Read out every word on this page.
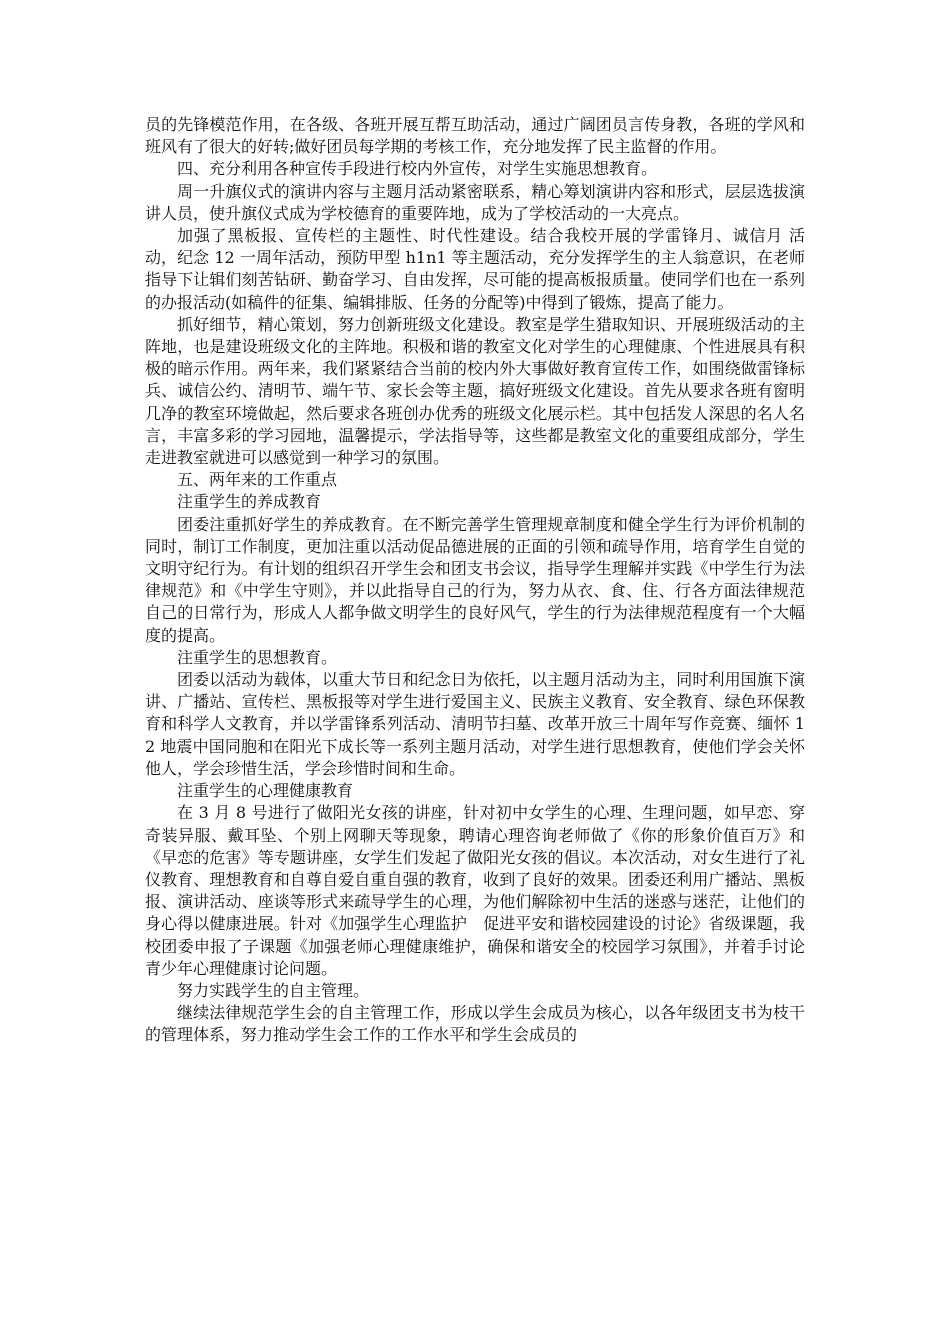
员的先锋模范作用，在各级、各班开展互帮互助活动，通过广阔团员言传身教，各班的学风和班风有了很大的好转;做好团员每学期的考核工作，充分地发挥了民主监督的作用。

四、充分利用各种宣传手段进行校内外宣传，对学生实施思想教育。

周一升旗仪式的演讲内容与主题月活动紧密联系，精心筹划演讲内容和形式，层层选拔演讲人员，使升旗仪式成为学校德育的重要阵地，成为了学校活动的一大亮点。

加强了黑板报、宣传栏的主题性、时代性建设。结合我校开展的学雷锋月、诚信月 活动，纪念 12 一周年活动，预防甲型 h1n1 等主题活动，充分发挥学生的主人翁意识，在老师指导下让辑们刻苦钻研、勤奋学习、自由发挥，尽可能的提高板报质量。使同学们也在一系列的办报活动(如稿件的征集、编辑排版、任务的分配等)中得到了锻炼，提高了能力。

抓好细节，精心策划，努力创新班级文化建设。教室是学生猎取知识、开展班级活动的主阵地，也是建设班级文化的主阵地。积极和谐的教室文化对学生的心理健康、个性进展具有积极的暗示作用。两年来，我们紧紧结合当前的校内外大事做好教育宣传工作，如围绕做雷锋标兵、诚信公约、清明节、端午节、家长会等主题，搞好班级文化建设。首先从要求各班有窗明几净的教室环境做起，然后要求各班创办优秀的班级文化展示栏。其中包括发人深思的名人名言，丰富多彩的学习园地，温馨提示，学法指导等，这些都是教室文化的重要组成部分，学生走进教室就进可以感觉到一种学习的氛围。

五、两年来的工作重点

注重学生的养成教育

团委注重抓好学生的养成教育。在不断完善学生管理规章制度和健全学生行为评价机制的同时，制订工作制度，更加注重以活动促品德进展的正面的引领和疏导作用，培育学生自觉的文明守纪行为。有计划的组织召开学生会和团支书会议，指导学生理解并实践《中学生行为法律规范》和《中学生守则》，并以此指导自己的行为，努力从衣、食、住、行各方面法律规范自己的日常行为，形成人人都争做文明学生的良好风气，学生的行为法律规范程度有一个大幅度的提高。

注重学生的思想教育。

团委以活动为载体，以重大节日和纪念日为依托，以主题月活动为主，同时利用国旗下演讲、广播站、宣传栏、黑板报等对学生进行爱国主义、民族主义教育、安全教育、绿色环保教育和科学人文教育，并以学雷锋系列活动、清明节扫墓、改革开放三十周年写作竞赛、缅怀 12 地震中国同胞和在阳光下成长等一系列主题月活动，对学生进行思想教育，使他们学会关怀他人，学会珍惜生活，学会珍惜时间和生命。

注重学生的心理健康教育

在 3 月 8 号进行了做阳光女孩的讲座，针对初中女学生的心理、生理问题，如早恋、穿奇装异服、戴耳坠、个别上网聊天等现象，聘请心理咨询老师做了《你的形象价值百万》和《早恋的危害》等专题讲座，女学生们发起了做阳光女孩的倡议。本次活动，对女生进行了礼仪教育、理想教育和自尊自爱自重自强的教育，收到了良好的效果。团委还利用广播站、黑板报、演讲活动、座谈等形式来疏导学生的心理，为他们解除初中生活的迷惑与迷茫，让他们的身心得以健康进展。针对《加强学生心理监护　促进平安和谐校园建设的讨论》省级课题，我校团委申报了子课题《加强老师心理健康维护，确保和谐安全的校园学习氛围》，并着手讨论青少年心理健康讨论问题。

努力实践学生的自主管理。

继续法律规范学生会的自主管理工作，形成以学生会成员为核心，以各年级团支书为枝干的管理体系，努力推动学生会工作的工作水平和学生会成员的
